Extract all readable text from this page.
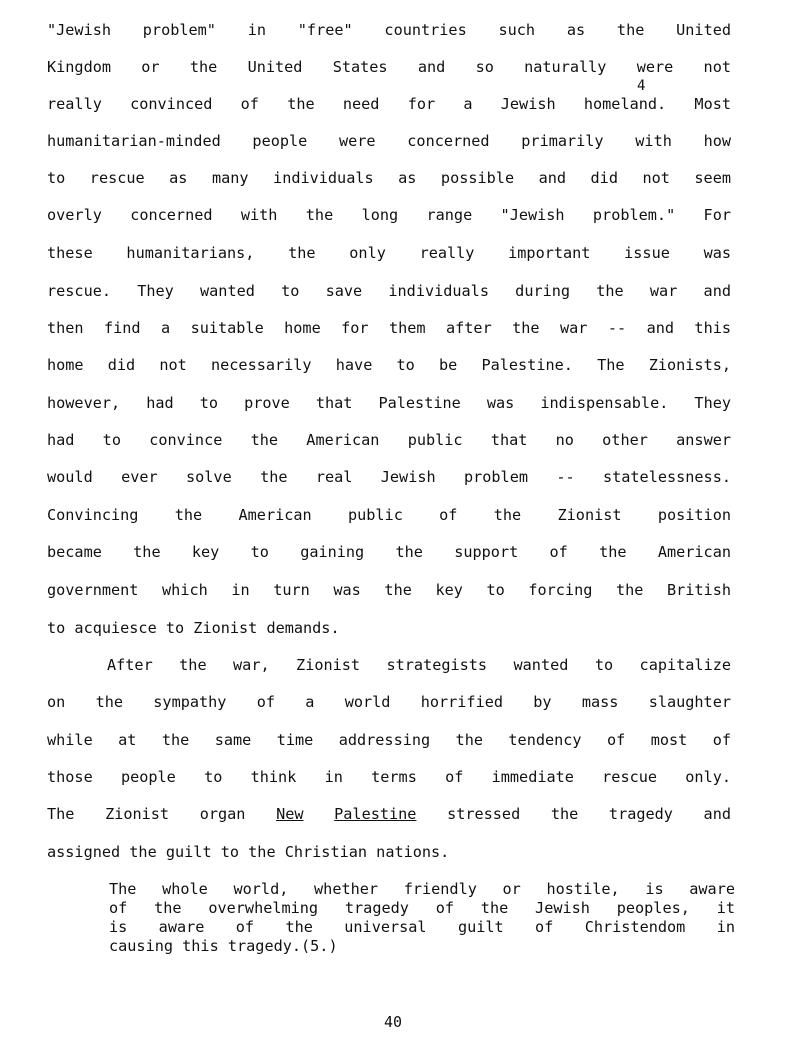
4
"Jewish problem" in "free" countries such as the United
Kingdom or the United States and so naturally were not
really convinced of the need for a Jewish homeland. Most
humanitarian-minded people were concerned primarily with how
to rescue as many individuals as possible and did not seem
overly concerned with the long range "Jewish problem." For
these humanitarians, the only really important issue was
rescue. They wanted to save individuals during the war and
then find a suitable home for them after the war -- and this
home did not necessarily have to be Palestine. The Zionists,
however, had to prove that Palestine was indispensable. They
had to convince the American public that no other answer
would ever solve the real Jewish problem -- statelessness.
Convincing the American public of the Zionist position
became the key to gaining the support of the American
government which in turn was the key to forcing the British
to acquiesce to Zionist demands.
After the war, Zionist strategists wanted to capitalize
on the sympathy of a world horrified by mass slaughter
while at the same time addressing the tendency of most of
those people to think in terms of immediate rescue only.
The Zionist organ New Palestine stressed the tragedy and
assigned the guilt to the Christian nations.
The whole world, whether friendly or hostile, is aware
of the overwhelming tragedy of the Jewish peoples, it
is aware of the universal guilt of Christendom in
causing this tragedy.(5.)
40
